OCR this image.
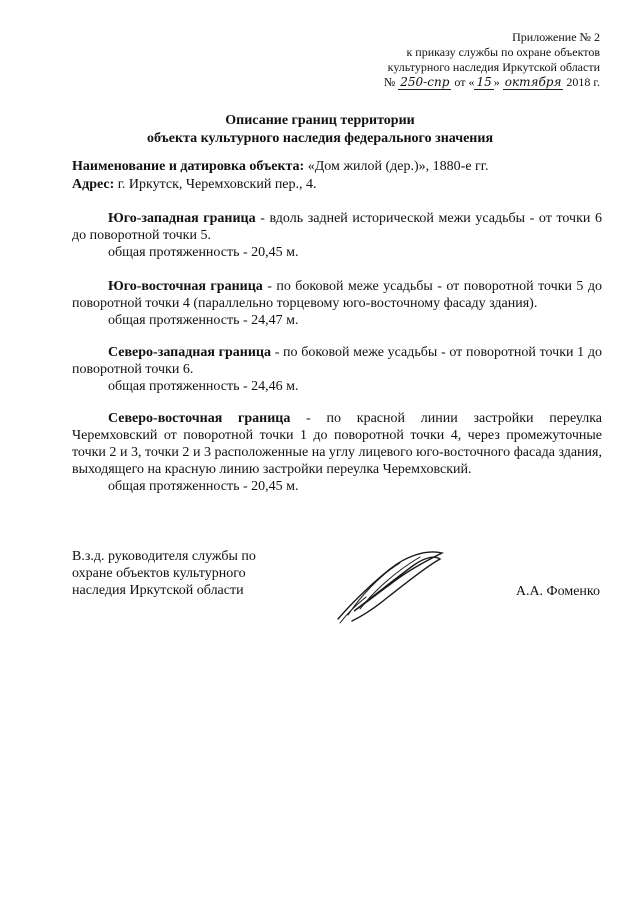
Приложение № 2
к приказу службы по охране объектов
культурного наследия Иркутской области
№ 250-спр от « 15 » октября 2018 г.
Описание границ территории
объекта культурного наследия федерального значения
Наименование и датировка объекта: «Дом жилой (дер.)», 1880-е гг.
Адрес: г. Иркутск, Черемховский пер., 4.
Юго-западная граница - вдоль задней исторической межи усадьбы - от точки 6 до поворотной точки 5.
общая протяженность - 20,45 м.
Юго-восточная граница - по боковой меже усадьбы - от поворотной точки 5 до поворотной точки 4 (параллельно торцевому юго-восточному фасаду здания).
общая протяженность - 24,47 м.
Северо-западная граница - по боковой меже усадьбы - от поворотной точки 1 до поворотной точки 6.
общая протяженность - 24,46 м.
Северо-восточная граница - по красной линии застройки переулка Черемховский от поворотной точки 1 до поворотной точки 4, через промежуточные точки 2 и 3, точки 2 и 3 расположенные на углу лицевого юго-восточного фасада здания, выходящего на красную линию застройки переулка Черемховский.
общая протяженность - 20,45 м.
В.з.д. руководителя службы по
охране объектов культурного
наследия Иркутской области	А.А. Фоменко
